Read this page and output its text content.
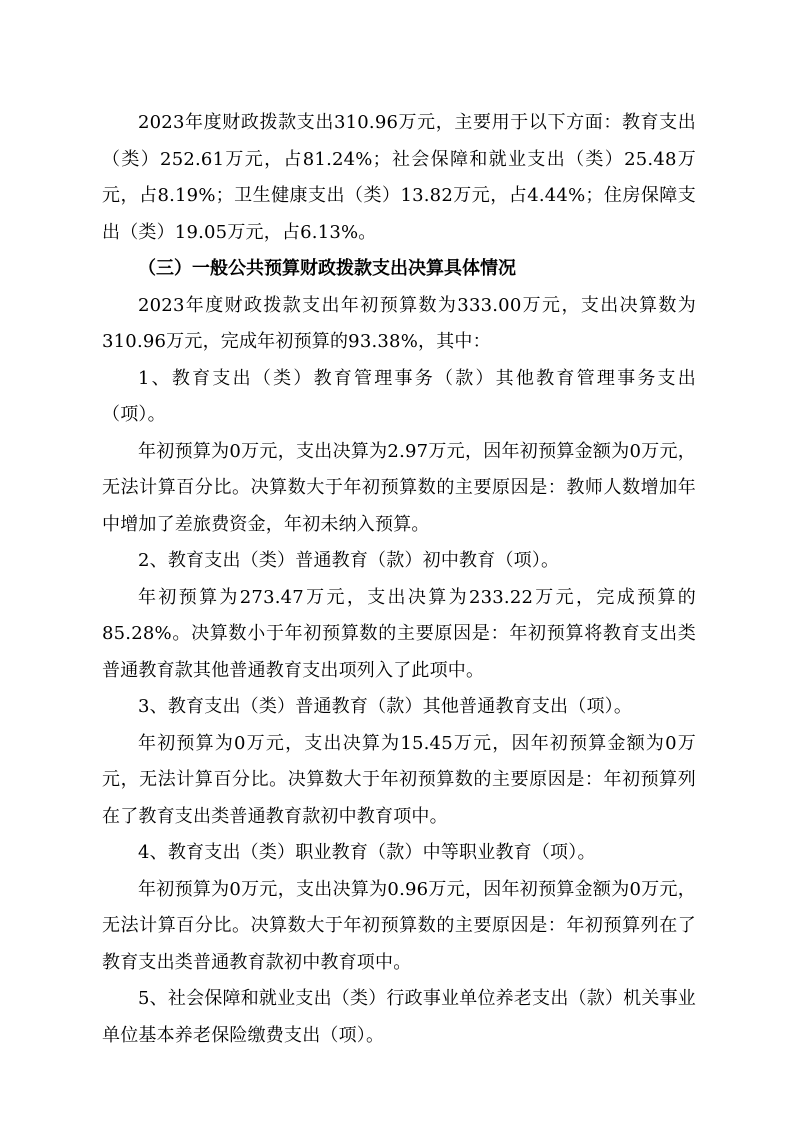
2023年度财政拨款支出310.96万元，主要用于以下方面：教育支出（类）252.61万元，占81.24%；社会保障和就业支出（类）25.48万元，占8.19%；卫生健康支出（类）13.82万元，占4.44%；住房保障支出（类）19.05万元，占6.13%。

（三）一般公共预算财政拨款支出决算具体情况

2023年度财政拨款支出年初预算数为333.00万元，支出决算数为310.96万元，完成年初预算的93.38%，其中：

1、教育支出（类）教育管理事务（款）其他教育管理事务支出（项）。

年初预算为0万元，支出决算为2.97万元，因年初预算金额为0万元，无法计算百分比。决算数大于年初预算数的主要原因是：教师人数增加年中增加了差旅费资金，年初未纳入预算。

2、教育支出（类）普通教育（款）初中教育（项）。

年初预算为273.47万元，支出决算为233.22万元，完成预算的85.28%。决算数小于年初预算数的主要原因是：年初预算将教育支出类普通教育款其他普通教育支出项列入了此项中。

3、教育支出（类）普通教育（款）其他普通教育支出（项）。

年初预算为0万元，支出决算为15.45万元，因年初预算金额为0万元，无法计算百分比。决算数大于年初预算数的主要原因是：年初预算列在了教育支出类普通教育款初中教育项中。

4、教育支出（类）职业教育（款）中等职业教育（项）。

年初预算为0万元，支出决算为0.96万元，因年初预算金额为0万元，无法计算百分比。决算数大于年初预算数的主要原因是：年初预算列在了教育支出类普通教育款初中教育项中。

5、社会保障和就业支出（类）行政事业单位养老支出（款）机关事业单位基本养老保险缴费支出（项）。
